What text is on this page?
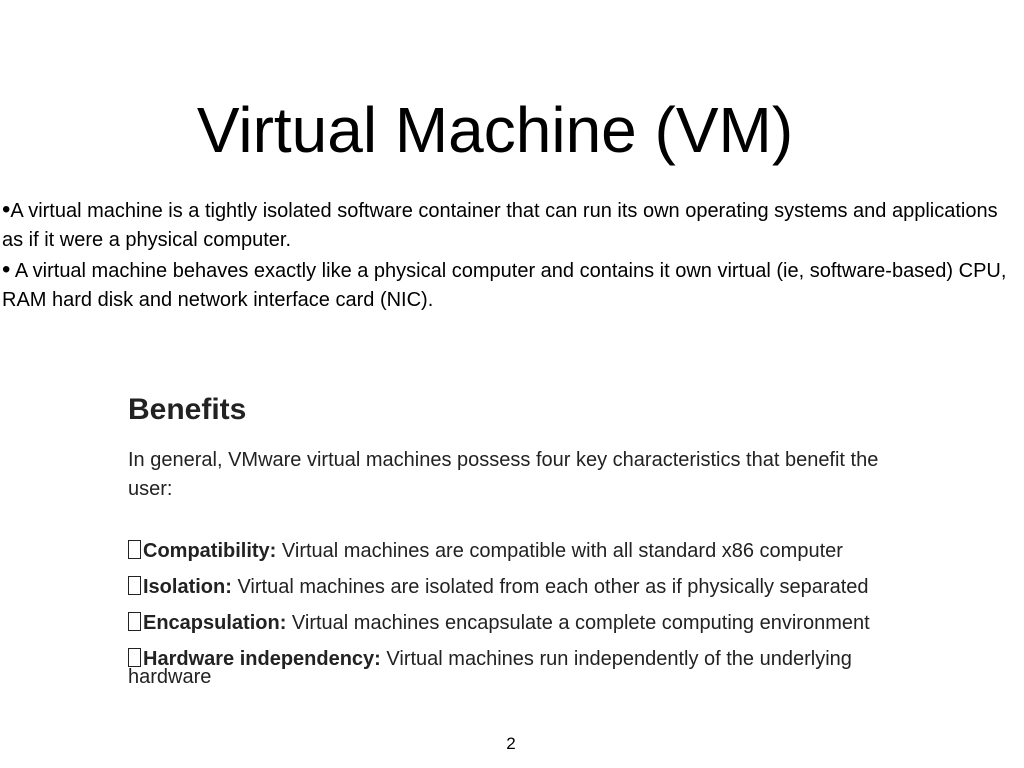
Virtual Machine (VM)

•A virtual machine is a tightly isolated software container that can run its own operating systems and applications as if it were a physical computer.

• A virtual machine behaves exactly like a physical computer and contains it own virtual (ie, software-based) CPU, RAM hard disk and network interface card (NIC).

Benefits

In general, VMware virtual machines possess four key characteristics that benefit the user:

Compatibility: Virtual machines are compatible with all standard x86 computer

Isolation: Virtual machines are isolated from each other as if physically separated

Encapsulation: Virtual machines encapsulate a complete computing environment

Hardware independency: Virtual machines run independently of the underlying hardware

2
